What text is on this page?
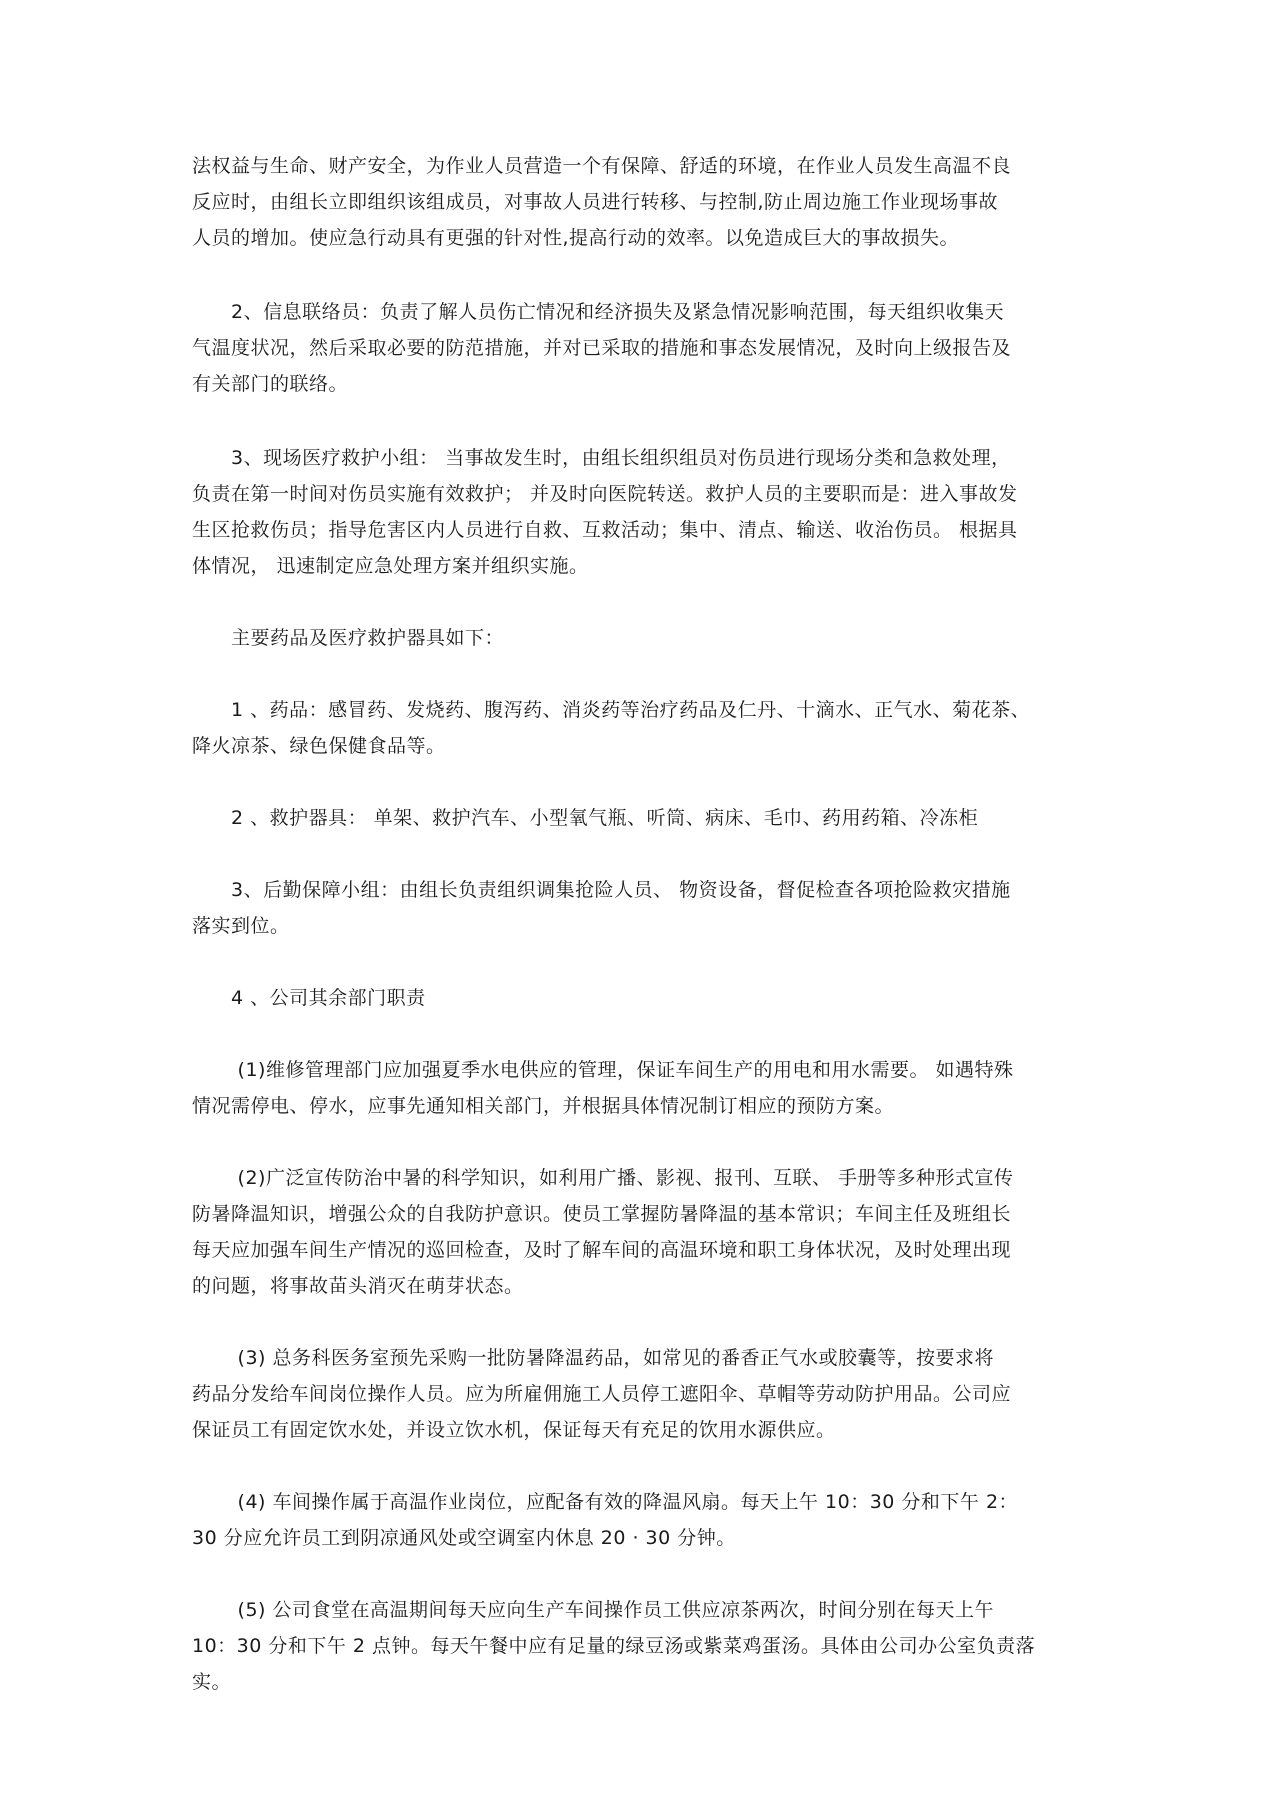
法权益与生命、财产安全，为作业人员营造一个有保障、舒适的环境，在作业人员发生高温不良
反应时，由组长立即组织该组成员，对事故人员进行转移、与控制,防止周边施工作业现场事故
人员的增加。使应急行动具有更强的针对性,提高行动的效率。以免造成巨大的事故损失。

　　2、信息联络员：负责了解人员伤亡情况和经济损失及紧急情况影响范围，每天组织收集天
气温度状况，然后采取必要的防范措施，并对已采取的措施和事态发展情况，及时向上级报告及
有关部门的联络。

　　3、现场医疗救护小组： 当事故发生时，由组长组织组员对伤员进行现场分类和急救处理，
负责在第一时间对伤员实施有效救护； 并及时向医院转送。救护人员的主要职而是：进入事故发
生区抢救伤员；指导危害区内人员进行自救、互救活动；集中、清点、输送、收治伤员。 根据具
体情况， 迅速制定应急处理方案并组织实施。

　　主要药品及医疗救护器具如下：

　　1 、药品：感冒药、发烧药、腹泻药、消炎药等治疗药品及仁丹、十滴水、正气水、菊花茶、
降火凉茶、绿色保健食品等。

　　2 、救护器具： 单架、救护汽车、小型氧气瓶、听筒、病床、毛巾、药用药箱、冷冻柜

　　3、后勤保障小组：由组长负责组织调集抢险人员、 物资设备，督促检查各项抢险救灾措施
落实到位。

　　4 、公司其余部门职责

　　 (1)维修管理部门应加强夏季水电供应的管理，保证车间生产的用电和用水需要。 如遇特殊
情况需停电、停水，应事先通知相关部门，并根据具体情况制订相应的预防方案。

　　 (2)广泛宣传防治中暑的科学知识，如利用广播、影视、报刊、互联、 手册等多种形式宣传
防暑降温知识，增强公众的自我防护意识。使员工掌握防暑降温的基本常识；车间主任及班组长
每天应加强车间生产情况的巡回检查，及时了解车间的高温环境和职工身体状况，及时处理出现
的问题，将事故苗头消灭在萌芽状态。

　　 (3) 总务科医务室预先采购一批防暑降温药品，如常见的番香正气水或胶囊等，按要求将
药品分发给车间岗位操作人员。应为所雇佣施工人员停工遮阳伞、草帽等劳动防护用品。公司应
保证员工有固定饮水处，并设立饮水机，保证每天有充足的饮用水源供应。

　　 (4) 车间操作属于高温作业岗位，应配备有效的降温风扇。每天上午 10：30 分和下午 2：
30 分应允许员工到阴凉通风处或空调室内休息 20 · 30 分钟。

　　 (5) 公司食堂在高温期间每天应向生产车间操作员工供应凉茶两次，时间分别在每天上午
10：30 分和下午 2 点钟。每天午餐中应有足量的绿豆汤或紫菜鸡蛋汤。具体由公司办公室负责落
实。
